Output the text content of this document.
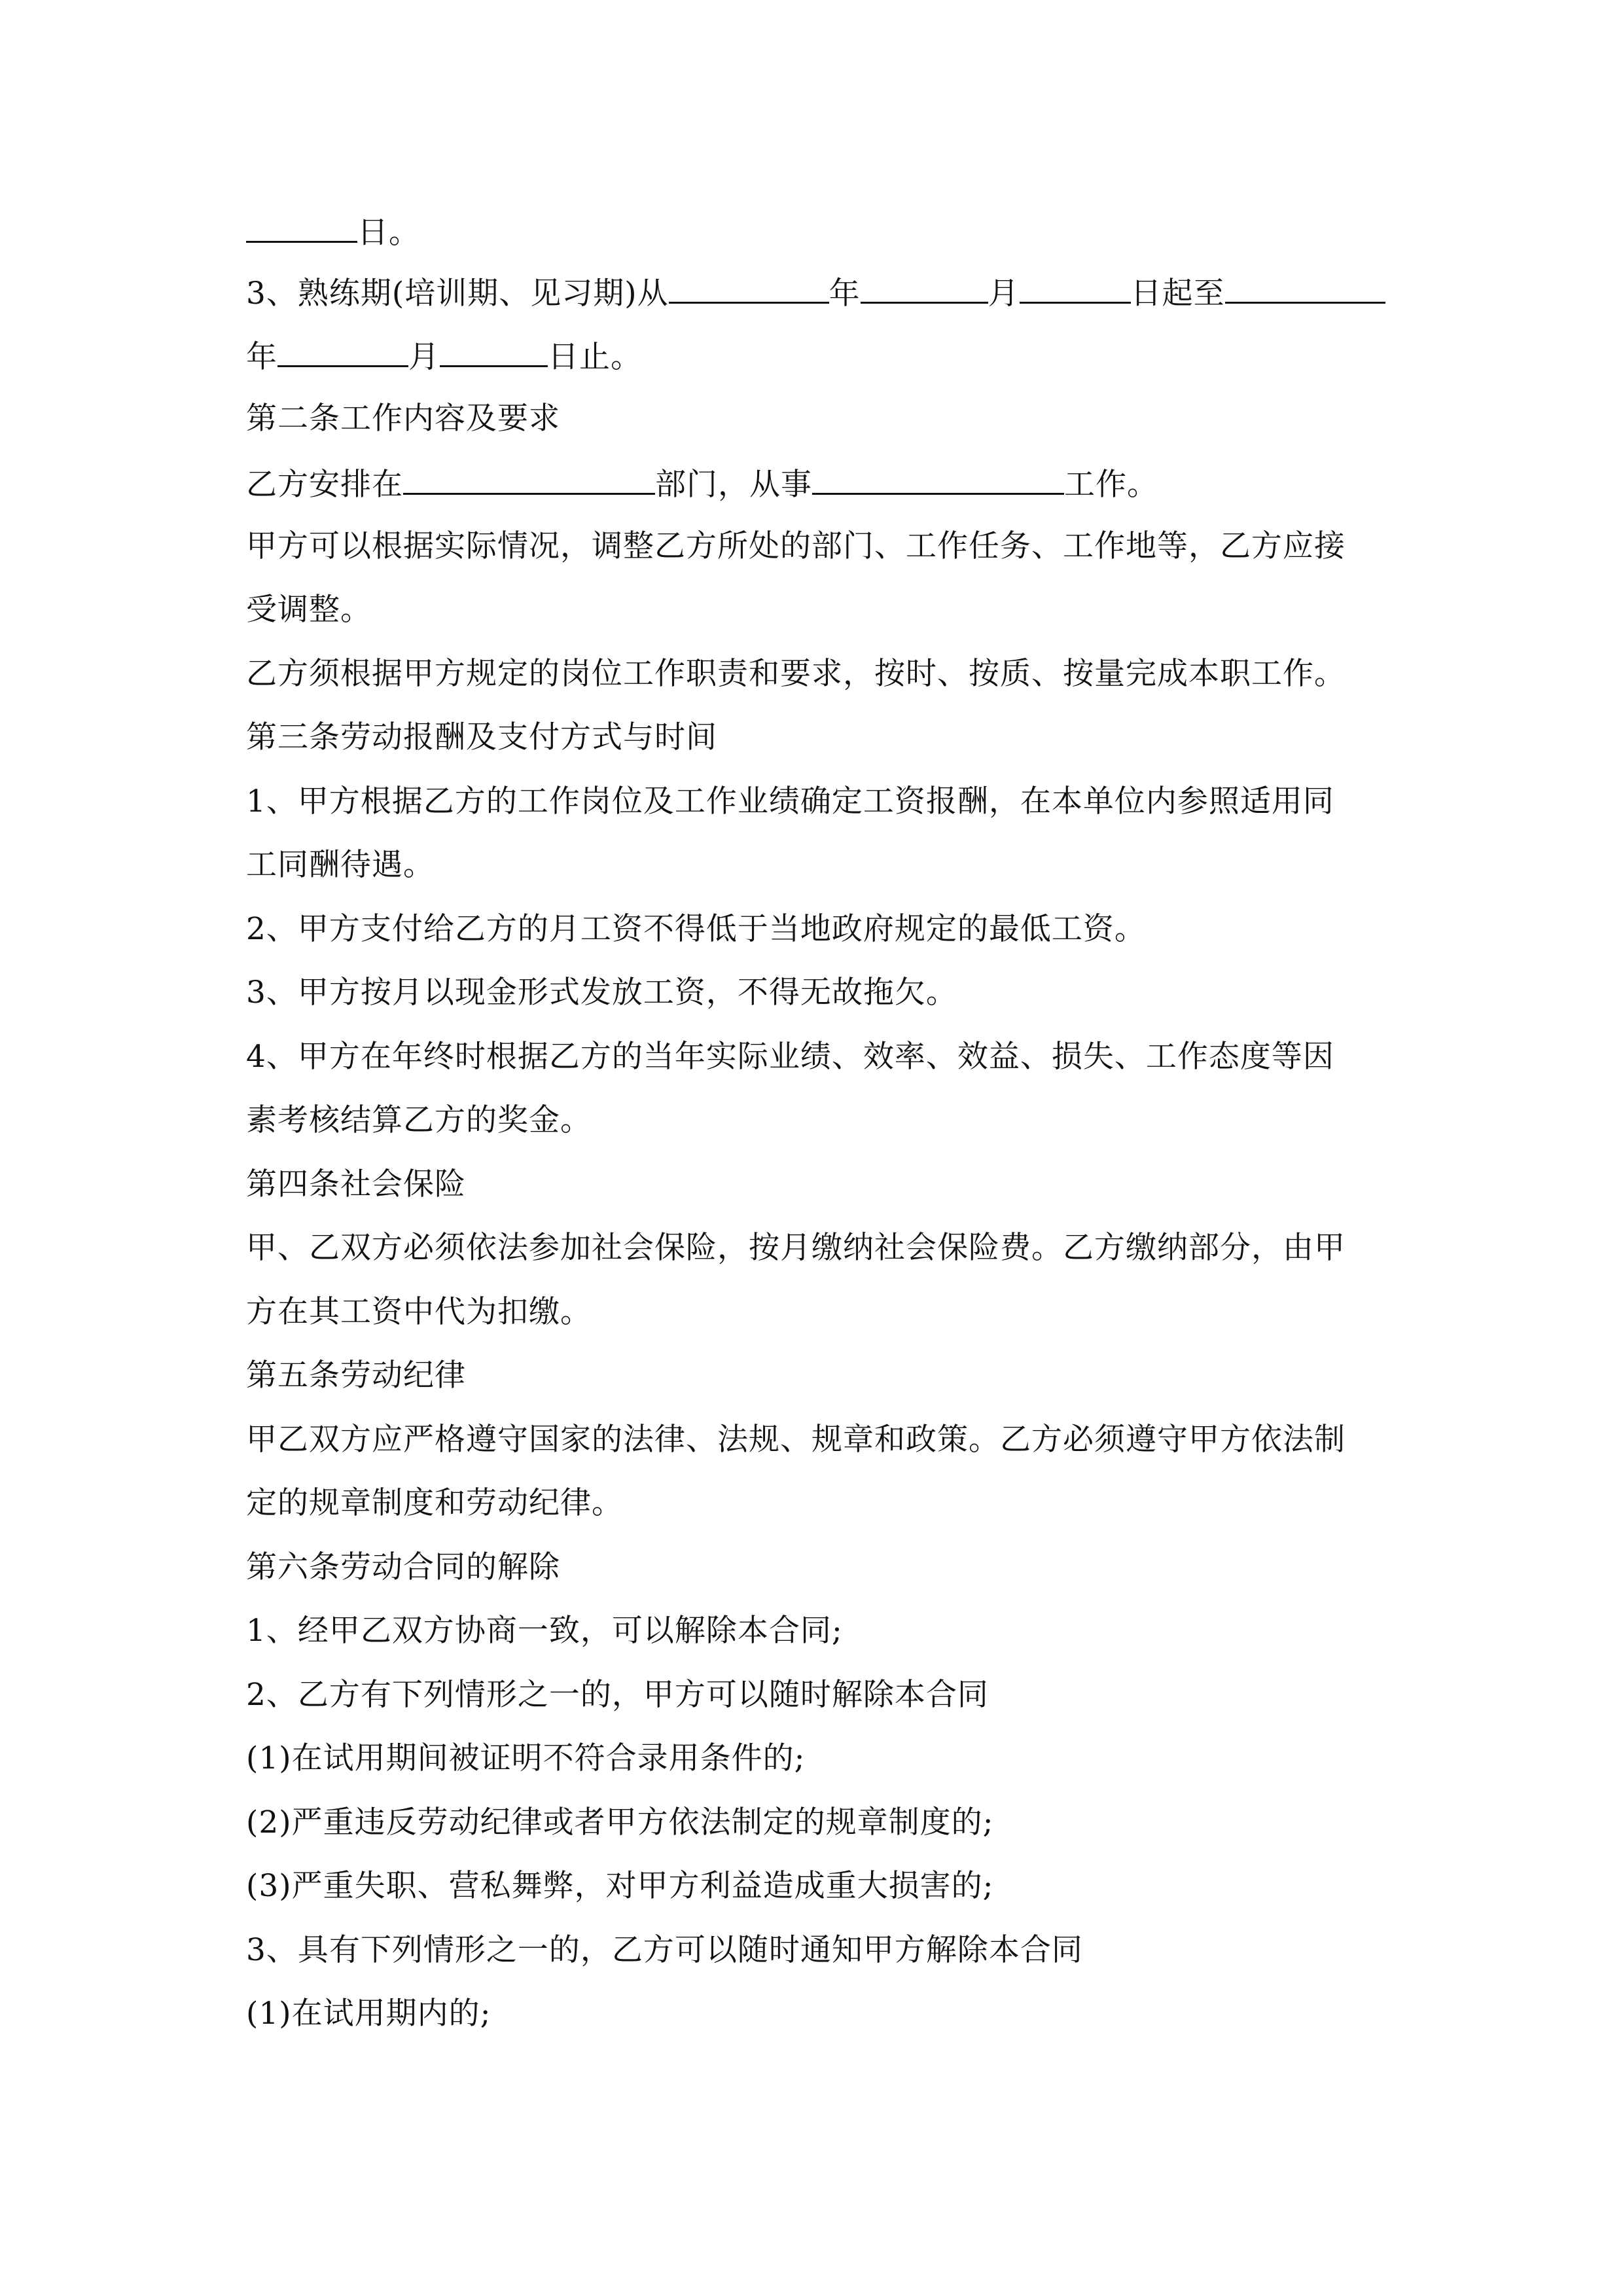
日。
3、熟练期(培训期、见习期)从	年	月	日起至
年	月	日止。
第二条工作内容及要求
乙方安排在	部门，从事	工作。
甲方可以根据实际情况，调整乙方所处的部门、工作任务、工作地等，乙方应接
受调整。
乙方须根据甲方规定的岗位工作职责和要求，按时、按质、按量完成本职工作。
第三条劳动报酬及支付方式与时间
1、甲方根据乙方的工作岗位及工作业绩确定工资报酬，在本单位内参照适用同
工同酬待遇。
2、甲方支付给乙方的月工资不得低于当地政府规定的最低工资。
3、甲方按月以现金形式发放工资，不得无故拖欠。
4、甲方在年终时根据乙方的当年实际业绩、效率、效益、损失、工作态度等因
素考核结算乙方的奖金。
第四条社会保险
甲、乙双方必须依法参加社会保险，按月缴纳社会保险费。乙方缴纳部分，由甲
方在其工资中代为扣缴。
第五条劳动纪律
甲乙双方应严格遵守国家的法律、法规、规章和政策。乙方必须遵守甲方依法制
定的规章制度和劳动纪律。
第六条劳动合同的解除
1、经甲乙双方协商一致，可以解除本合同;
2、乙方有下列情形之一的，甲方可以随时解除本合同
(1)在试用期间被证明不符合录用条件的;
(2)严重违反劳动纪律或者甲方依法制定的规章制度的;
(3)严重失职、营私舞弊，对甲方利益造成重大损害的;
3、具有下列情形之一的，乙方可以随时通知甲方解除本合同
(1)在试用期内的;
